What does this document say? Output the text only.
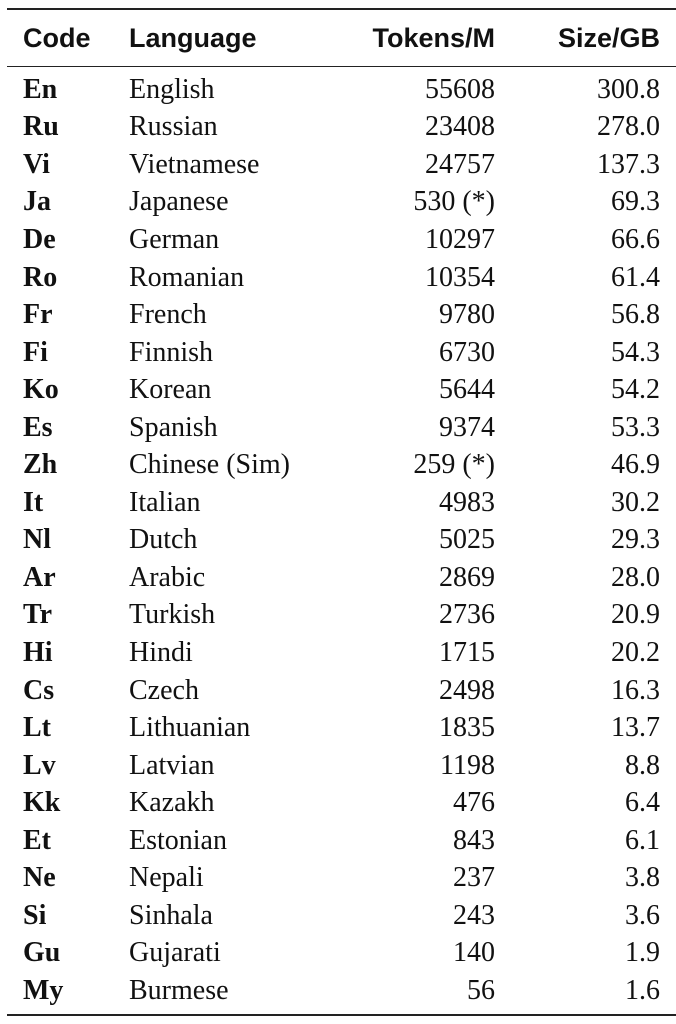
Code	Language	Tokens/M	Size/GB
En	English	55608	300.8
Ru	Russian	23408	278.0
Vi	Vietnamese	24757	137.3
Ja	Japanese	530 (*)	69.3
De	German	10297	66.6
Ro	Romanian	10354	61.4
Fr	French	9780	56.8
Fi	Finnish	6730	54.3
Ko	Korean	5644	54.2
Es	Spanish	9374	53.3
Zh	Chinese (Sim)	259 (*)	46.9
It	Italian	4983	30.2
Nl	Dutch	5025	29.3
Ar	Arabic	2869	28.0
Tr	Turkish	2736	20.9
Hi	Hindi	1715	20.2
Cs	Czech	2498	16.3
Lt	Lithuanian	1835	13.7
Lv	Latvian	1198	8.8
Kk	Kazakh	476	6.4
Et	Estonian	843	6.1
Ne	Nepali	237	3.8
Si	Sinhala	243	3.6
Gu	Gujarati	140	1.9
My	Burmese	56	1.6
